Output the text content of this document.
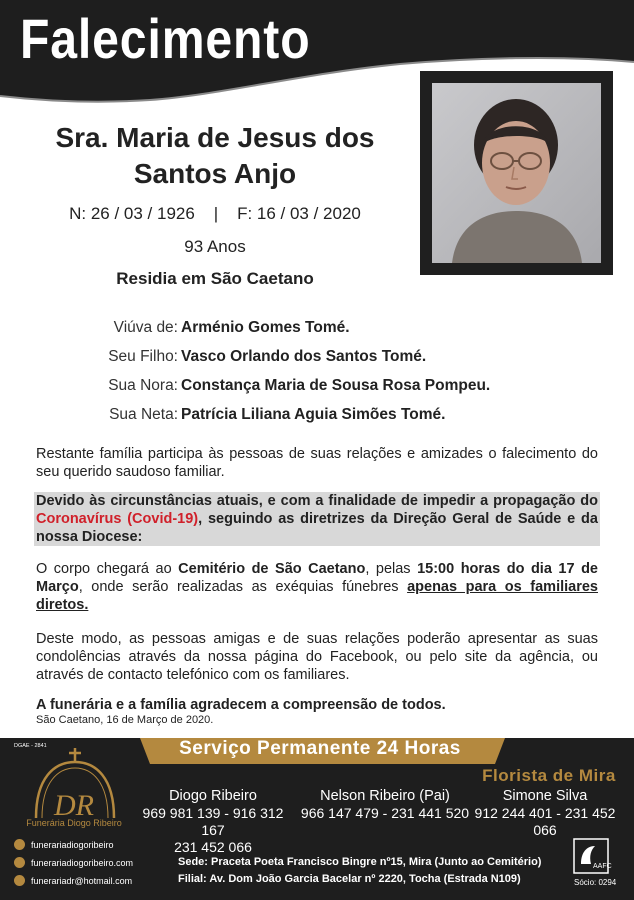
Falecimento
Sra. Maria de Jesus dos
Santos Anjo
N: 26 / 03 / 1926 | F: 16 / 03 / 2020
93 Anos
Residia em São Caetano
Viúva de: Arménio Gomes Tomé.
Seu Filho: Vasco Orlando dos Santos Tomé.
Sua Nora: Constança Maria de Sousa Rosa Pompeu.
Sua Neta: Patrícia Liliana Aguia Simões Tomé.
Restante família participa às pessoas de suas relações e amizades o falecimento do seu querido saudoso familiar.
Devido às circunstâncias atuais, e com a finalidade de impedir a propagação do Coronavírus (Covid-19), seguindo as diretrizes da Direção Geral de Saúde e da nossa Diocese:
O corpo chegará ao Cemitério de São Caetano, pelas 15:00 horas do dia 17 de Março, onde serão realizadas as exéquias fúnebres apenas para os familiares diretos.
Deste modo, as pessoas amigas e de suas relações poderão apresentar as suas condolências através da nossa página do Facebook, ou pelo site da agência, ou através de contacto telefónico com os familiares.
A funerária e a família agradecem a compreensão de todos.
São Caetano, 16 de Março de 2020.
DGAE - 2841	Serviço Permanente 24 Horas
DR
Funerária Diogo Ribeiro
Florista de Mira
Diogo Ribeiro
969 981 139 - 916 312 167
231 452 066
Nelson Ribeiro (Pai)
966 147 479 - 231 441 520
Simone Silva
912 244 401 - 231 452 066
funerariadiogoribeiro
funerariadiogoribeiro.com
funerariadr@hotmail.com
Sede: Praceta Poeta Francisco Bingre nº15, Mira (Junto ao Cemitério)
Filial: Av. Dom João Garcia Bacelar nº 2220, Tocha (Estrada N109)
AAFC
Sócio: 0294
